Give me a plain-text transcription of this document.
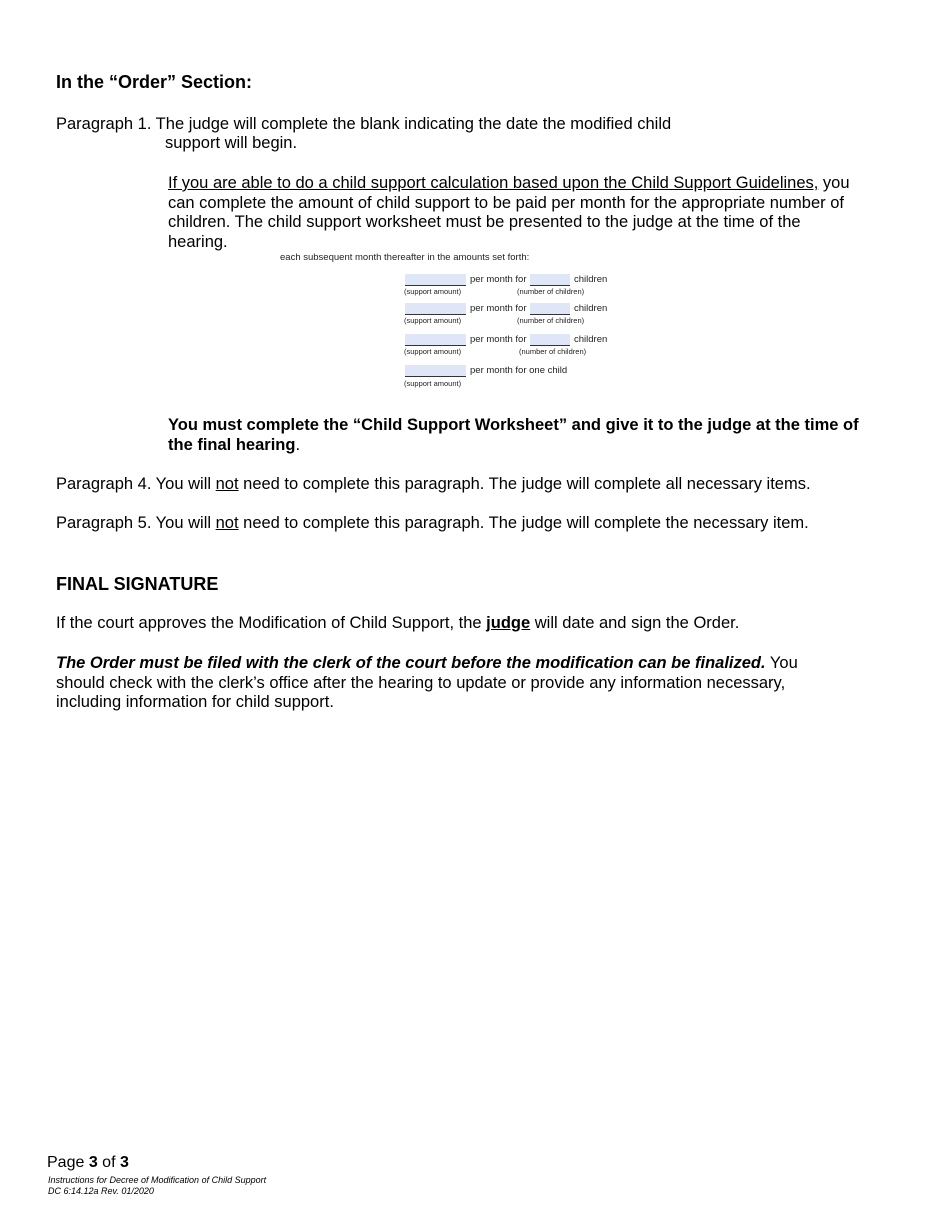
In the “Order” Section:
Paragraph 1. The judge will complete the blank indicating the date the modified child
support will begin.
If you are able to do a child support calculation based upon the Child Support Guidelines, you
can complete the amount of child support to be paid per month for the appropriate number of
children. The child support worksheet must be presented to the judge at the time of the
hearing.
each subsequent month thereafter in the amounts set forth:
per month for	children
(support amount)	(number of children)
per month for	children
(support amount)	(number of children)
per month for	children
(support amount)	(number of children)
per month for one child
(support amount)
You must complete the “Child Support Worksheet” and give it to the judge at the time of
the final hearing.
Paragraph 4. You will not need to complete this paragraph. The judge will complete all necessary items.
Paragraph 5. You will not need to complete this paragraph. The judge will complete the necessary item.
FINAL SIGNATURE
If the court approves the Modification of Child Support, the judge will date and sign the Order.
The Order must be filed with the clerk of the court before the modification can be finalized. You
should check with the clerk’s office after the hearing to update or provide any information necessary,
including information for child support.
Page 3 of 3
Instructions for Decree of Modification of Child Support
DC 6:14.12a Rev. 01/2020
